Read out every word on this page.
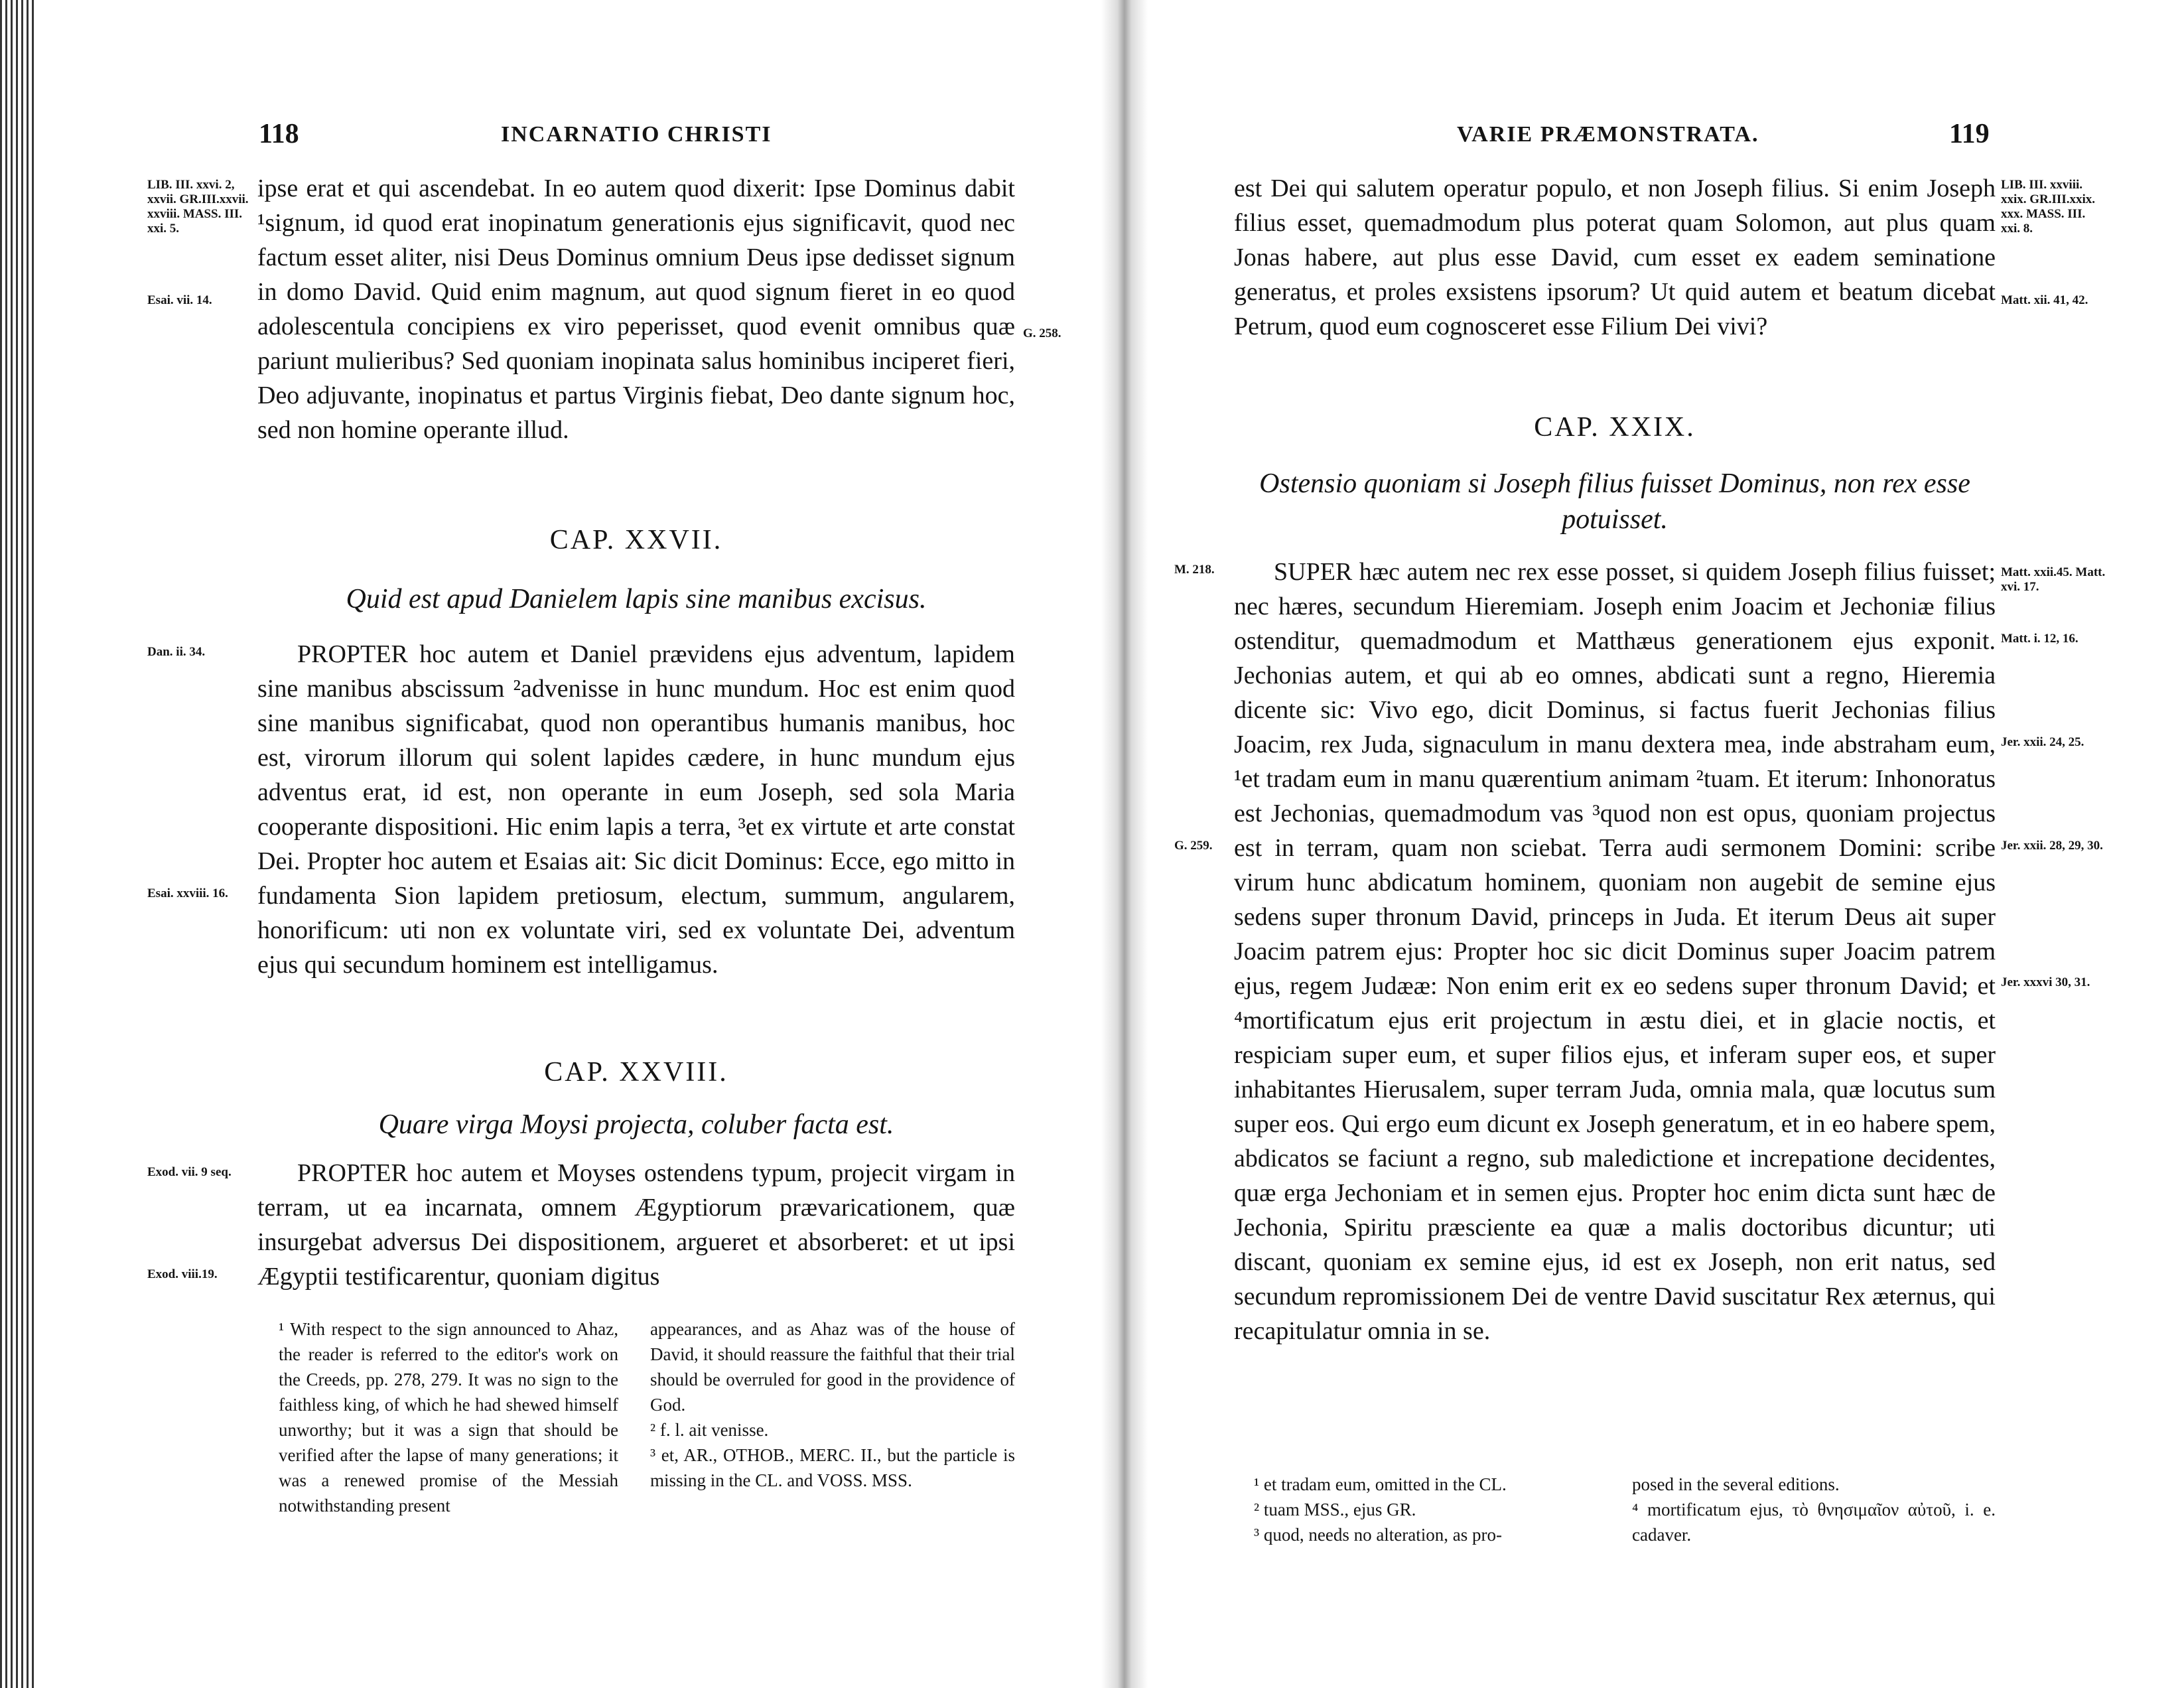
118	INCARNATIO CHRISTI
LIB. III. xxvi. 2, xxvii. GR.III.xxvii. xxviii. MASS. III. xxi. 5.
Esai. vii. 14.
G. 258.
Dan. ii. 34.
Esai. xxviii. 16.
Exod. vii. 9 seq.
Exod. viii.19.

ipse erat et qui ascendebat. In eo autem quod dixerit: Ipse Dominus dabit ¹signum, id quod erat inopinatum generationis ejus significavit, quod nec factum esset aliter, nisi Deus Dominus omnium Deus ipse dedisset signum in domo David. Quid enim magnum, aut quod signum fieret in eo quod adolescentula concipiens ex viro peperisset, quod evenit omnibus quæ pariunt mulieribus? Sed quoniam inopinata salus hominibus inciperet fieri, Deo adjuvante, inopinatus et partus Virginis fiebat, Deo dante signum hoc, sed non homine operante illud.

CAP. XXVII.
Quid est apud Danielem lapis sine manibus excisus.

PROPTER hoc autem et Daniel prævidens ejus adventum, lapidem sine manibus abscissum ²advenisse in hunc mundum. Hoc est enim quod sine manibus significabat, quod non operantibus humanis manibus, hoc est, virorum illorum qui solent lapides cædere, in hunc mundum ejus adventus erat, id est, non operante in eum Joseph, sed sola Maria cooperante dispositioni. Hic enim lapis a terra, ³et ex virtute et arte constat Dei. Propter hoc autem et Esaias ait: Sic dicit Dominus: Ecce, ego mitto in fundamenta Sion lapidem pretiosum, electum, summum, angularem, honorificum: uti non ex voluntate viri, sed ex voluntate Dei, adventum ejus qui secundum hominem est intelligamus.

CAP. XXVIII.
Quare virga Moysi projecta, coluber facta est.

PROPTER hoc autem et Moyses ostendens typum, projecit virgam in terram, ut ea incarnata, omnem Ægyptiorum prævaricationem, quæ insurgebat adversus Dei dispositionem, argueret et absorberet: et ut ipsi Ægyptii testificarentur, quoniam digitus

¹ With respect to the sign announced to Ahaz, the reader is referred to the editor's work on the Creeds, pp. 278, 279. It was no sign to the faithless king, of which he had shewed himself unworthy; but it was a sign that should be verified after the lapse of many generations; it was a renewed promise of the Messiah notwithstanding present

appearances, and as Ahaz was of the house of David, it should reassure the faithful that their trial should be overruled for good in the providence of God.

² f. l. ait venisse.

³ et, AR., OTHOB., MERC. II., but the particle is missing in the CL. and VOSS. MSS.

VARIE PRÆMONSTRATA.	119
LIB. III. xxviii. xxix. GR.III.xxix. xxx. MASS. III. xxi. 8.
Matt. xii. 41, 42.
M. 218.	Matt. xxii.45. Matt. xvi. 17.
Matt. i. 12, 16.
Jer. xxii. 24, 25.
G. 259.	Jer. xxii. 28, 29, 30.
Jer. xxxvi 30, 31.

est Dei qui salutem operatur populo, et non Joseph filius. Si enim Joseph filius esset, quemadmodum plus poterat quam Solomon, aut plus quam Jonas habere, aut plus esse David, cum esset ex eadem seminatione generatus, et proles exsistens ipsorum? Ut quid autem et beatum dicebat Petrum, quod eum cognosceret esse Filium Dei vivi?

CAP. XXIX.
Ostensio quoniam si Joseph filius fuisset Dominus, non rex esse potuisset.

SUPER hæc autem nec rex esse posset, si quidem Joseph filius fuisset; nec hæres, secundum Hieremiam. Joseph enim Joacim et Jechoniæ filius ostenditur, quemadmodum et Matthæus generationem ejus exponit. Jechonias autem, et qui ab eo omnes, abdicati sunt a regno, Hieremia dicente sic: Vivo ego, dicit Dominus, si factus fuerit Jechonias filius Joacim, rex Juda, signaculum in manu dextera mea, inde abstraham eum, ¹et tradam eum in manu quærentium animam ²tuam. Et iterum: Inhonoratus est Jechonias, quemadmodum vas ³quod non est opus, quoniam projectus est in terram, quam non sciebat. Terra audi sermonem Domini: scribe virum hunc abdicatum hominem, quoniam non augebit de semine ejus sedens super thronum David, princeps in Juda. Et iterum Deus ait super Joacim patrem ejus: Propter hoc sic dicit Dominus super Joacim patrem ejus, regem Judææ: Non enim erit ex eo sedens super thronum David; et ⁴mortificatum ejus erit projectum in æstu diei, et in glacie noctis, et respiciam super eum, et super filios ejus, et inferam super eos, et super inhabitantes Hierusalem, super terram Juda, omnia mala, quæ locutus sum super eos. Qui ergo eum dicunt ex Joseph generatum, et in eo habere spem, abdicatos se faciunt a regno, sub maledictione et increpatione decidentes, quæ erga Jechoniam et in semen ejus. Propter hoc enim dicta sunt hæc de Jechonia, Spiritu præsciente ea quæ a malis doctoribus dicuntur; uti discant, quoniam ex semine ejus, id est ex Joseph, non erit natus, sed secundum repromissionem Dei de ventre David suscitatur Rex æternus, qui recapitulatur omnia in se.

¹ et tradam eum, omitted in the CL.

² tuam MSS., ejus GR.

³ quod, needs no alteration, as pro-

posed in the several editions.

⁴ mortificatum ejus, τὸ θνησιμαῖον αὐτοῦ, i. e. cadaver.
